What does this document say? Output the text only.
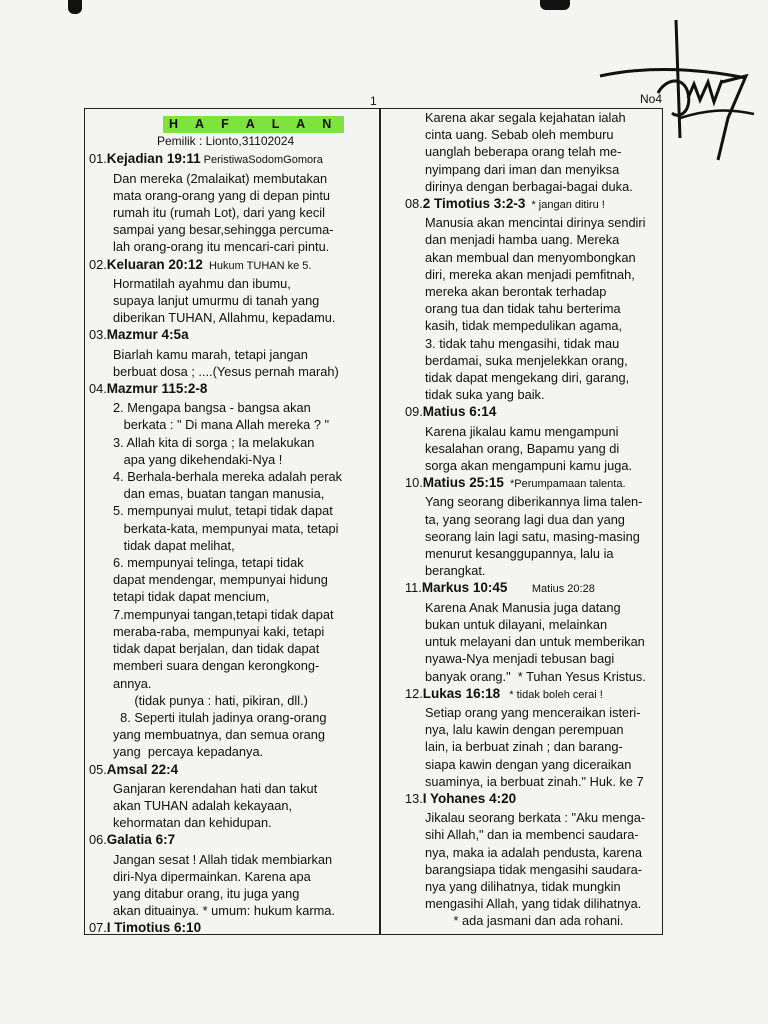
1	No4
H A F A L A N
Pemilik : Lionto,31102024
01.Kejadian 19:11 PeristiwaSodomGomora
Dan mereka (2malaikat) membutakan
mata orang-orang yang di depan pintu
rumah itu (rumah Lot), dari yang kecil
sampai yang besar,sehingga percuma-
lah orang-orang itu mencari-cari pintu.
02.Keluaran 20:12  Hukum TUHAN ke 5.
Hormatilah ayahmu dan ibumu,
supaya lanjut umurmu di tanah yang
diberikan TUHAN, Allahmu, kepadamu.
03.Mazmur 4:5a
Biarlah kamu marah, tetapi jangan
berbuat dosa ; ....(Yesus pernah marah)
04.Mazmur 115:2-8
2. Mengapa bangsa - bangsa akan
berkata : " Di mana Allah mereka ? "
3. Allah kita di sorga ; Ia melakukan
apa yang dikehendaki-Nya !
4. Berhala-berhala mereka adalah perak
dan emas, buatan tangan manusia,
5. mempunyai mulut, tetapi tidak dapat
berkata-kata, mempunyai mata, tetapi
tidak dapat melihat,
6. mempunyai telinga, tetapi tidak
dapat mendengar, mempunyai hidung
tetapi tidak dapat mencium,
7.mempunyai tangan,tetapi tidak dapat
meraba-raba, mempunyai kaki, tetapi
tidak dapat berjalan, dan tidak dapat
memberi suara dengan kerongkong-
annya.
(tidak punya : hati, pikiran, dll.)
8. Seperti itulah jadinya orang-orang
yang membuatnya, dan semua orang
yang  percaya kepadanya.
05.Amsal 22:4
Ganjaran kerendahan hati dan takut
akan TUHAN adalah kekayaan,
kehormatan dan kehidupan.
06.Galatia 6:7
Jangan sesat ! Allah tidak membiarkan
diri-Nya dipermainkan. Karena apa
yang ditabur orang, itu juga yang
akan dituainya. * umum: hukum karma.
07.I Timotius 6:10
Karena akar segala kejahatan ialah
cinta uang. Sebab oleh memburu
uanglah beberapa orang telah me-
nyimpang dari iman dan menyiksa
dirinya dengan berbagai-bagai duka.
08.2 Timotius 3:2-3  * jangan ditiru !
Manusia akan mencintai dirinya sendiri
dan menjadi hamba uang. Mereka
akan membual dan menyombongkan
diri, mereka akan menjadi pemfitnah,
mereka akan berontak terhadap
orang tua dan tidak tahu berterima
kasih, tidak mempedulikan agama,
3. tidak tahu mengasihi, tidak mau
berdamai, suka menjelekkan orang,
tidak dapat mengekang diri, garang,
tidak suka yang baik.
09.Matius 6:14
Karena jikalau kamu mengampuni
kesalahan orang, Bapamu yang di
sorga akan mengampuni kamu juga.
10.Matius 25:15  *Perumpamaan talenta.
Yang seorang diberikannya lima talen-
ta, yang seorang lagi dua dan yang
seorang lain lagi satu, masing-masing
menurut kesanggupannya, lalu ia
berangkat.
11.Markus 10:45        Matius 20:28
Karena Anak Manusia juga datang
bukan untuk dilayani, melainkan
untuk melayani dan untuk memberikan
nyawa-Nya menjadi tebusan bagi
banyak orang."  * Tuhan Yesus Kristus.
12.Lukas 16:18   * tidak boleh cerai !
Setiap orang yang menceraikan isteri-
nya, lalu kawin dengan perempuan
lain, ia berbuat zinah ; dan barang-
siapa kawin dengan yang diceraikan
suaminya, ia berbuat zinah." Huk. ke 7
13.I Yohanes 4:20
Jikalau seorang berkata : "Aku menga-
sihi Allah," dan ia membenci saudara-
nya, maka ia adalah pendusta, karena
barangsiapa tidak mengasihi saudara-
nya yang dilihatnya, tidak mungkin
mengasihi Allah, yang tidak dilihatnya.
* ada jasmani dan ada rohani.
